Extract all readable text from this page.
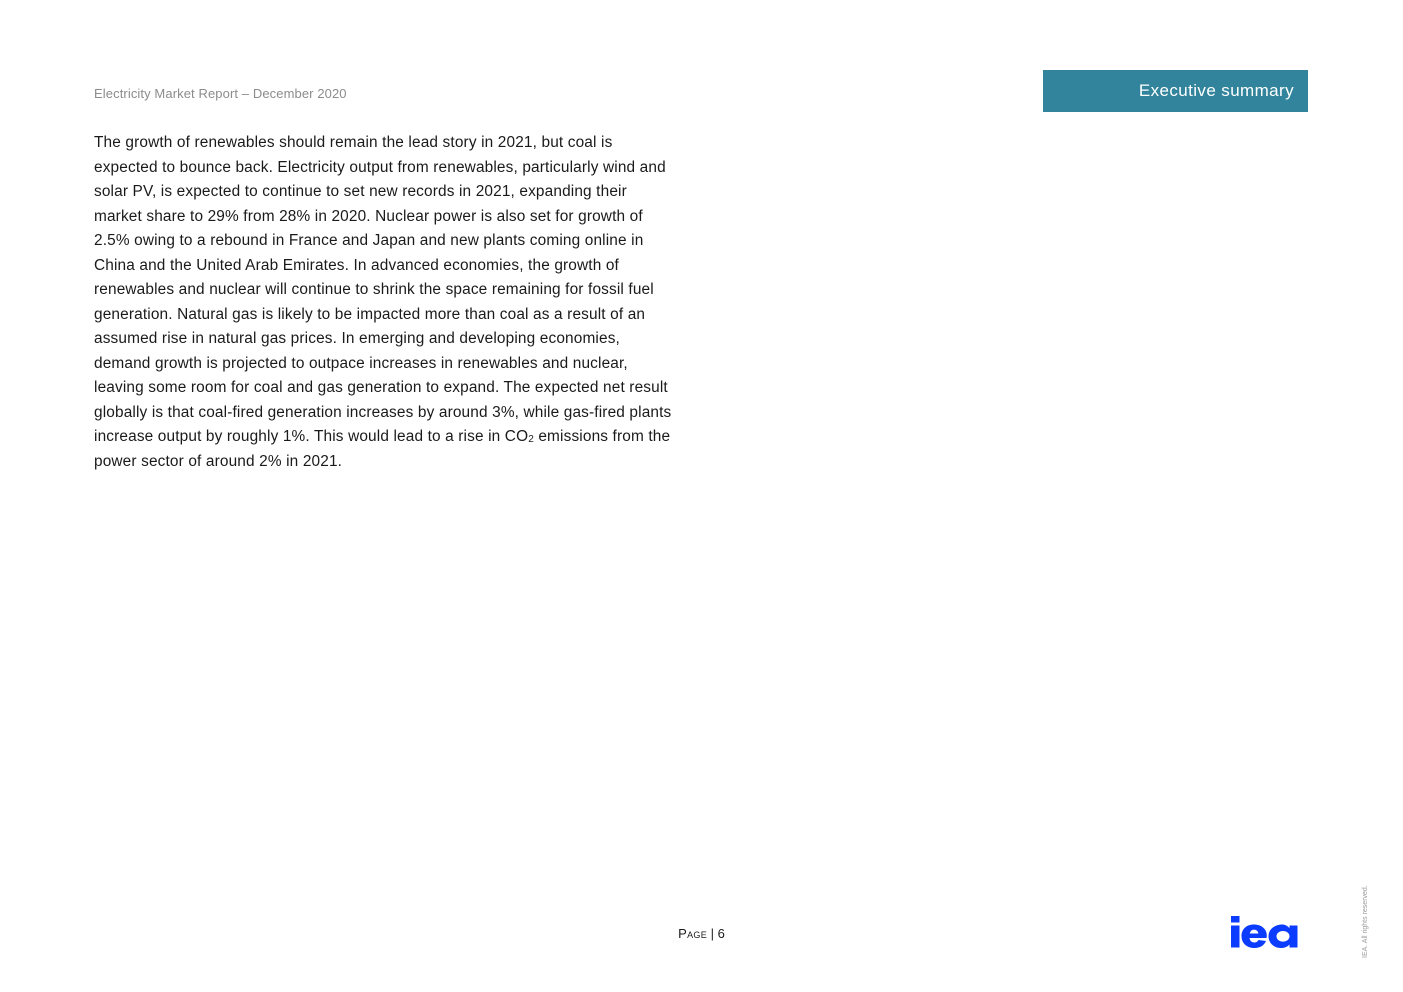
Electricity Market Report – December 2020	Executive summary

The growth of renewables should remain the lead story in 2021, but coal is expected to bounce back. Electricity output from renewables, particularly wind and solar PV, is expected to continue to set new records in 2021, expanding their market share to 29% from 28% in 2020. Nuclear power is also set for growth of 2.5% owing to a rebound in France and Japan and new plants coming online in China and the United Arab Emirates. In advanced economies, the growth of renewables and nuclear will continue to shrink the space remaining for fossil fuel generation. Natural gas is likely to be impacted more than coal as a result of an assumed rise in natural gas prices. In emerging and developing economies, demand growth is projected to outpace increases in renewables and nuclear, leaving some room for coal and gas generation to expand. The expected net result globally is that coal-fired generation increases by around 3%, while gas-fired plants increase output by roughly 1%. This would lead to a rise in $CO_2$ emissions from the power sector of around 2% in 2021.

Page | 6	IEA. All rights reserved.
